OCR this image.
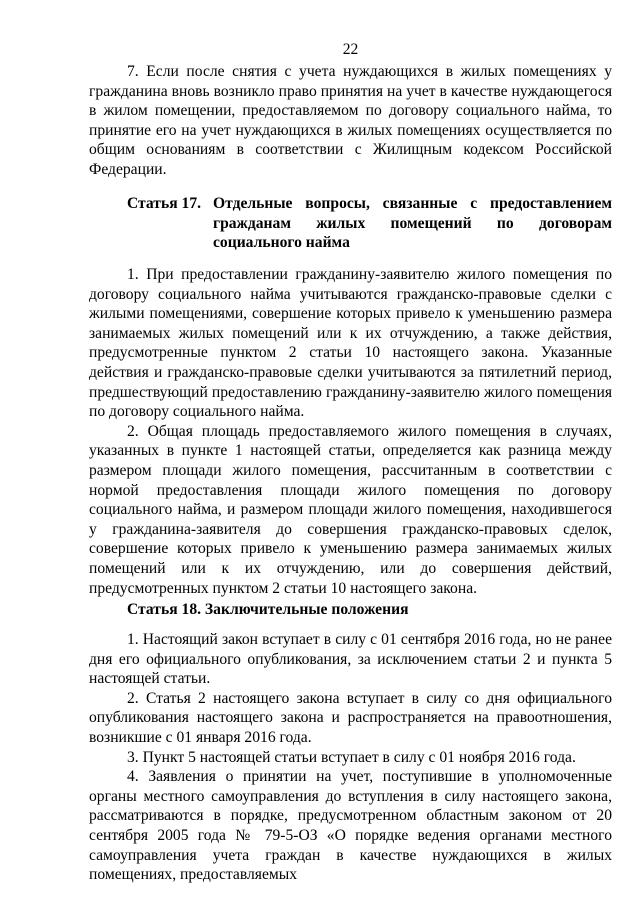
22

7. Если после снятия с учета нуждающихся в жилых помещениях у гражданина вновь возникло право принятия на учет в качестве нуждающегося в жилом помещении, предоставляемом по договору социального найма, то принятие его на учет нуждающихся в жилых помещениях осуществляется по общим основаниям в соответствии с Жилищным кодексом Российской Федерации.

Статья 17. Отдельные вопросы, связанные с предоставлением гражданам жилых помещений по договорам социального найма

1. При предоставлении гражданину-заявителю жилого помещения по договору социального найма учитываются гражданско-правовые сделки с жилыми помещениями, совершение которых привело к уменьшению размера занимаемых жилых помещений или к их отчуждению, а также действия, предусмотренные пунктом 2 статьи 10 настоящего закона. Указанные действия и гражданско-правовые сделки учитываются за пятилетний период, предшествующий предоставлению гражданину-заявителю жилого помещения по договору социального найма.

2. Общая площадь предоставляемого жилого помещения в случаях, указанных в пункте 1 настоящей статьи, определяется как разница между размером площади жилого помещения, рассчитанным в соответствии с нормой предоставления площади жилого помещения по договору социального найма, и размером площади жилого помещения, находившегося у гражданина-заявителя до совершения гражданско-правовых сделок, совершение которых привело к уменьшению размера занимаемых жилых помещений или к их отчуждению, или до совершения действий, предусмотренных пунктом 2 статьи 10 настоящего закона.

Статья 18. Заключительные положения

1. Настоящий закон вступает в силу с 01 сентября 2016 года, но не ранее дня его официального опубликования, за исключением статьи 2 и пункта 5 настоящей статьи.

2. Статья 2 настоящего закона вступает в силу со дня официального опубликования настоящего закона и распространяется на правоотношения, возникшие с 01 января 2016 года.

3. Пункт 5 настоящей статьи вступает в силу с 01 ноября 2016 года.

4. Заявления о принятии на учет, поступившие в уполномоченные органы местного самоуправления до вступления в силу настоящего закона, рассматриваются в порядке, предусмотренном областным законом от 20 сентября 2005 года № 79-5-ОЗ «О порядке ведения органами местного самоуправления учета граждан в качестве нуждающихся в жилых помещениях, предоставляемых
